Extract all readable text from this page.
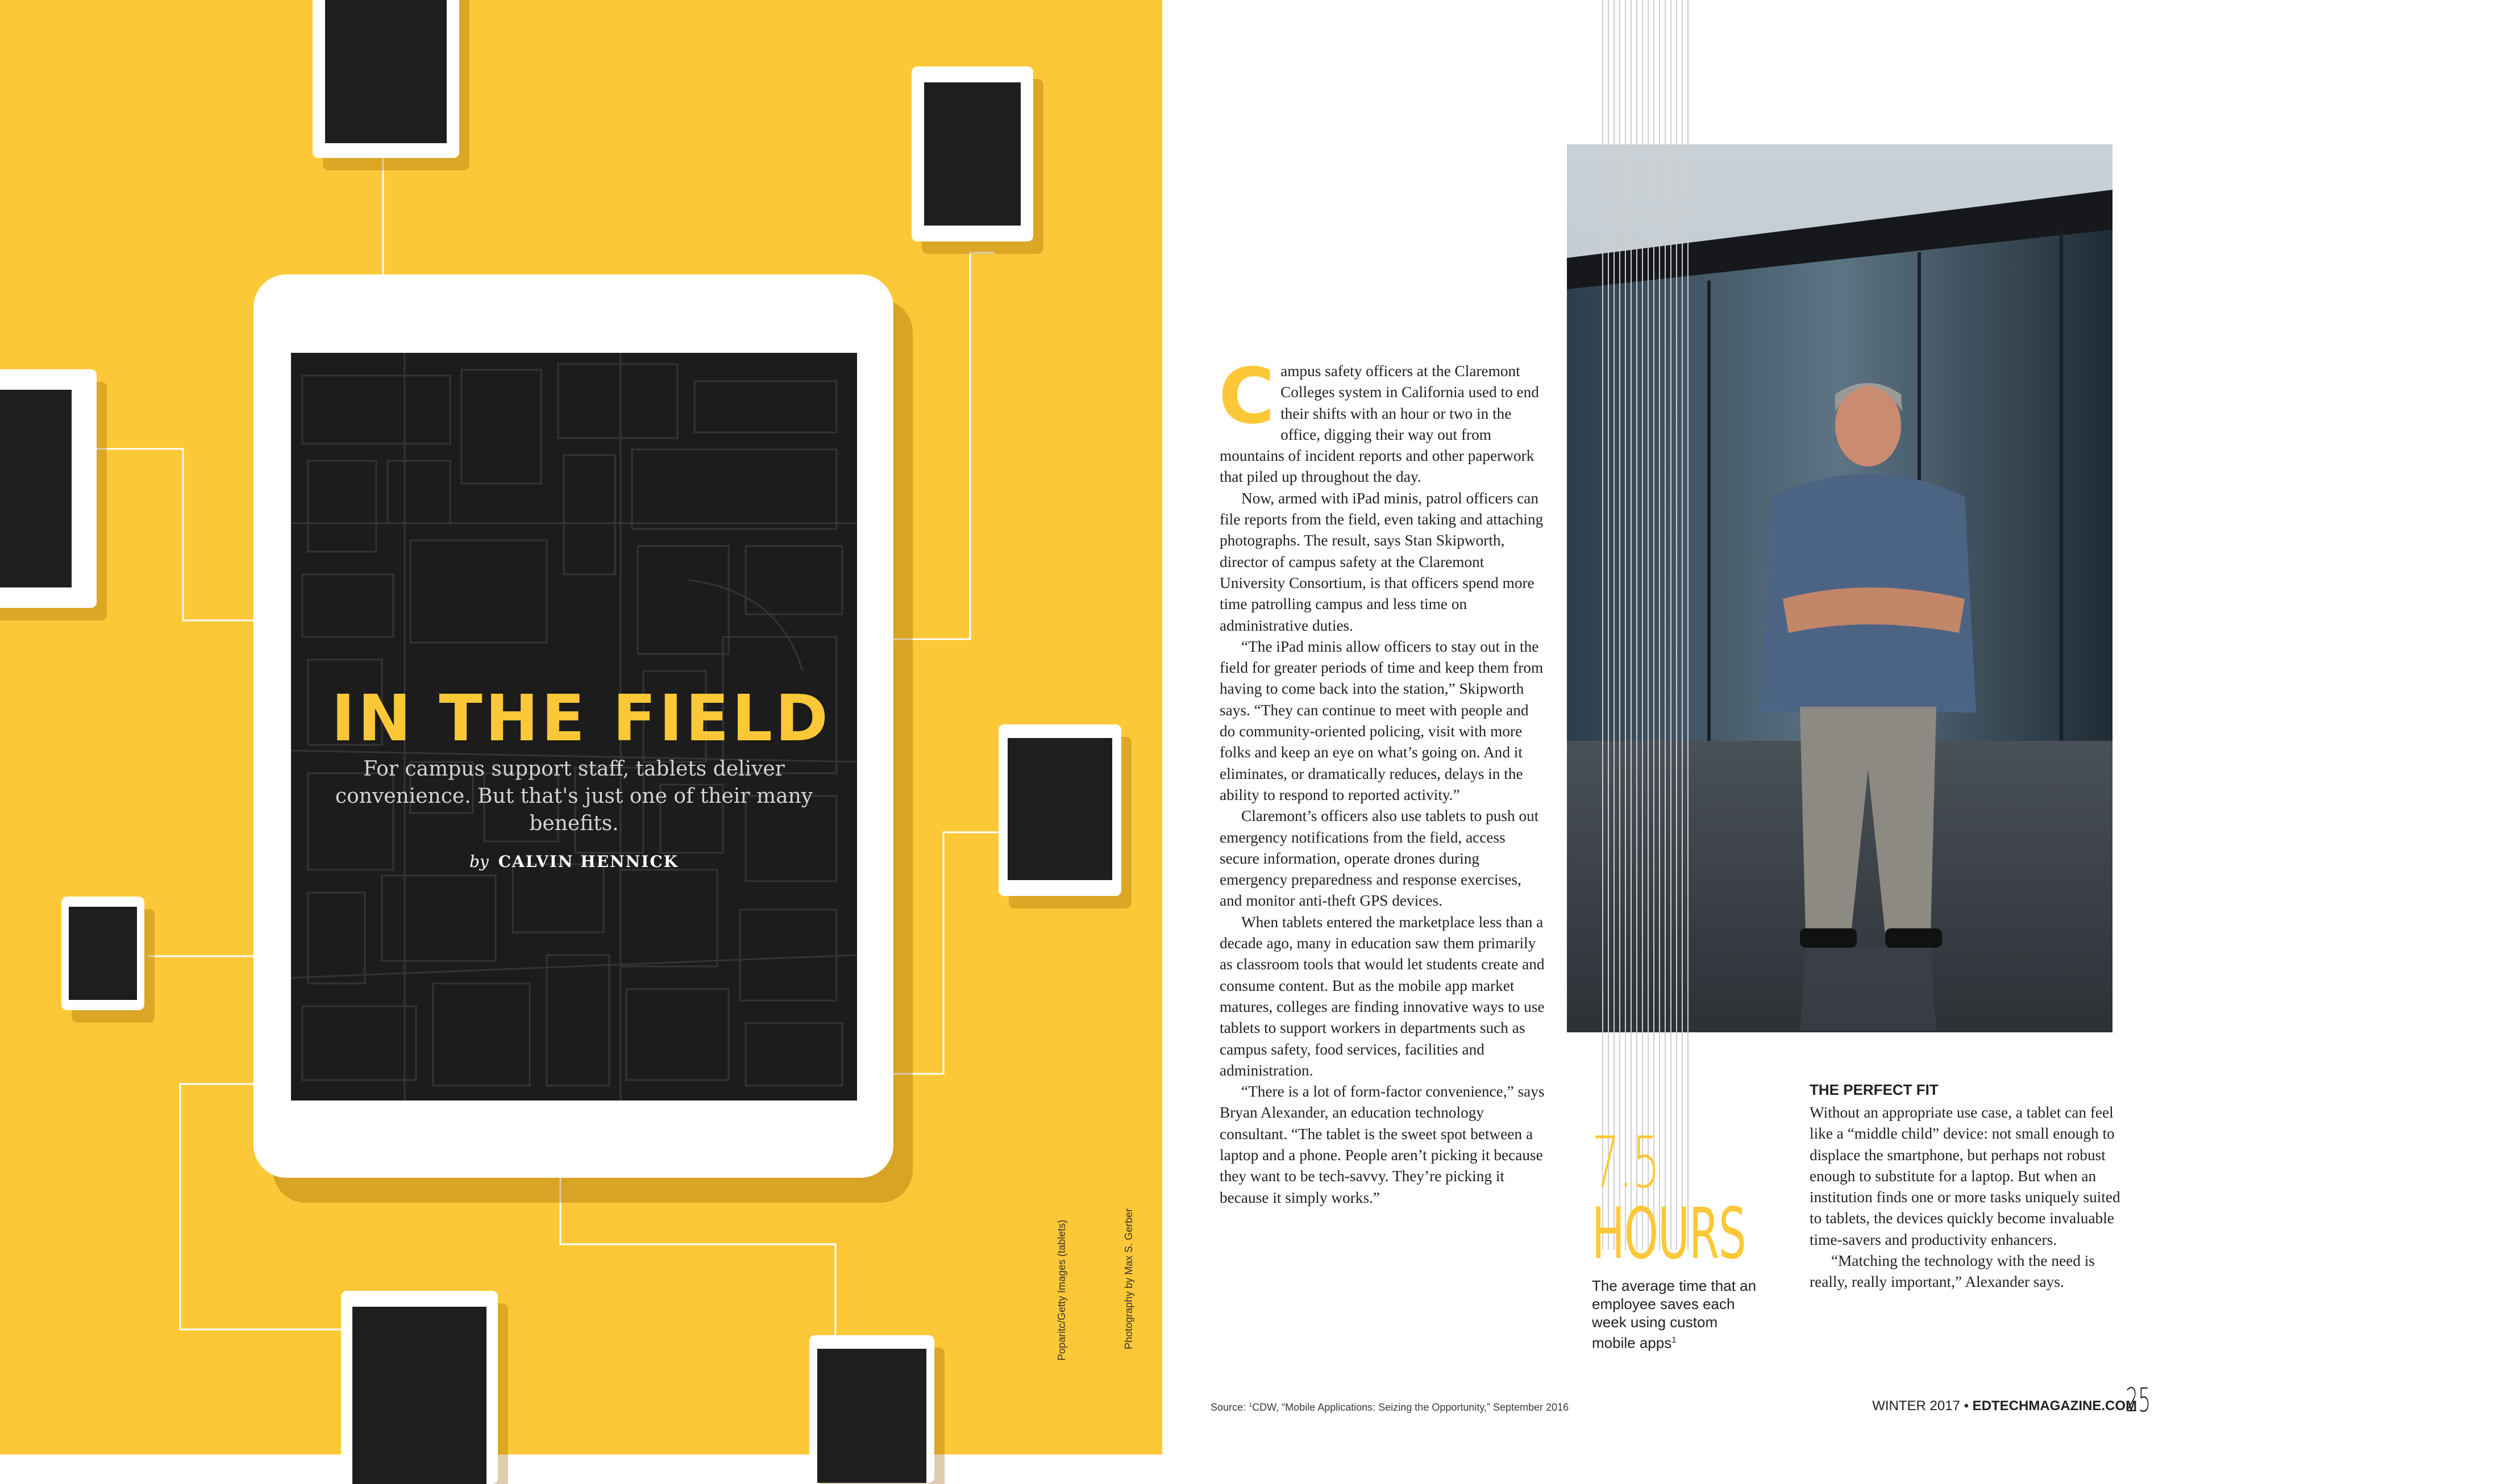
IN THE FIELD
For campus support staff, tablets deliver convenience. But that's just one of their many benefits.
by CALVIN HENNICK
Poparitc/Getty Images (tablets)	Photography by Max S. Gerber
Stan Skipworth of the Claremont University Consortium says that iPad minis cut administrative time, leaving safety officers more time to patrol campus.

Campus safety officers at the Claremont Colleges system in California used to end their shifts with an hour or two in the office, digging their way out from mountains of incident reports and other paperwork that piled up throughout the day.

Now, armed with iPad minis, patrol officers can file reports from the field, even taking and attaching photographs. The result, says Stan Skipworth, director of campus safety at the Claremont University Consortium, is that officers spend more time patrolling campus and less time on administrative duties.

“The iPad minis allow officers to stay out in the field for greater periods of time and keep them from having to come back into the station,” Skipworth says. “They can continue to meet with people and do community-oriented policing, visit with more folks and keep an eye on what’s going on. And it eliminates, or dramatically reduces, delays in the ability to respond to reported activity.”

Claremont’s officers also use tablets to push out emergency notifications from the field, access secure information, operate drones during emergency preparedness and response exercises, and monitor anti-theft GPS devices.

When tablets entered the marketplace less than a decade ago, many in education saw them primarily as classroom tools that would let students create and consume content. But as the mobile app market matures, colleges are finding innovative ways to use tablets to support workers in departments such as campus safety, food services, facilities and administration.

“There is a lot of form-factor convenience,” says Bryan Alexander, an education technology consultant. “The tablet is the sweet spot between a laptop and a phone. People aren’t picking it because they want to be tech-savvy. They’re picking it because it simply works.”	7.5
HOURS
The average time that an employee saves each week using custom mobile apps$^1$
THE PERFECT FIT

Without an appropriate use case, a tablet can feel like a “middle child” device: not small enough to displace the smartphone, but perhaps not robust enough to substitute for a laptop. But when an institution finds one or more tasks uniquely suited to tablets, the devices quickly become invaluable time-savers and productivity enhancers.

“Matching the technology with the need is really, really important,” Alexander says.

Source: $^1$CDW, “Mobile Applications: Seizing the Opportunity,” September 2016	WINTER 2017 • EDTECHMAGAZINE.COM
25
